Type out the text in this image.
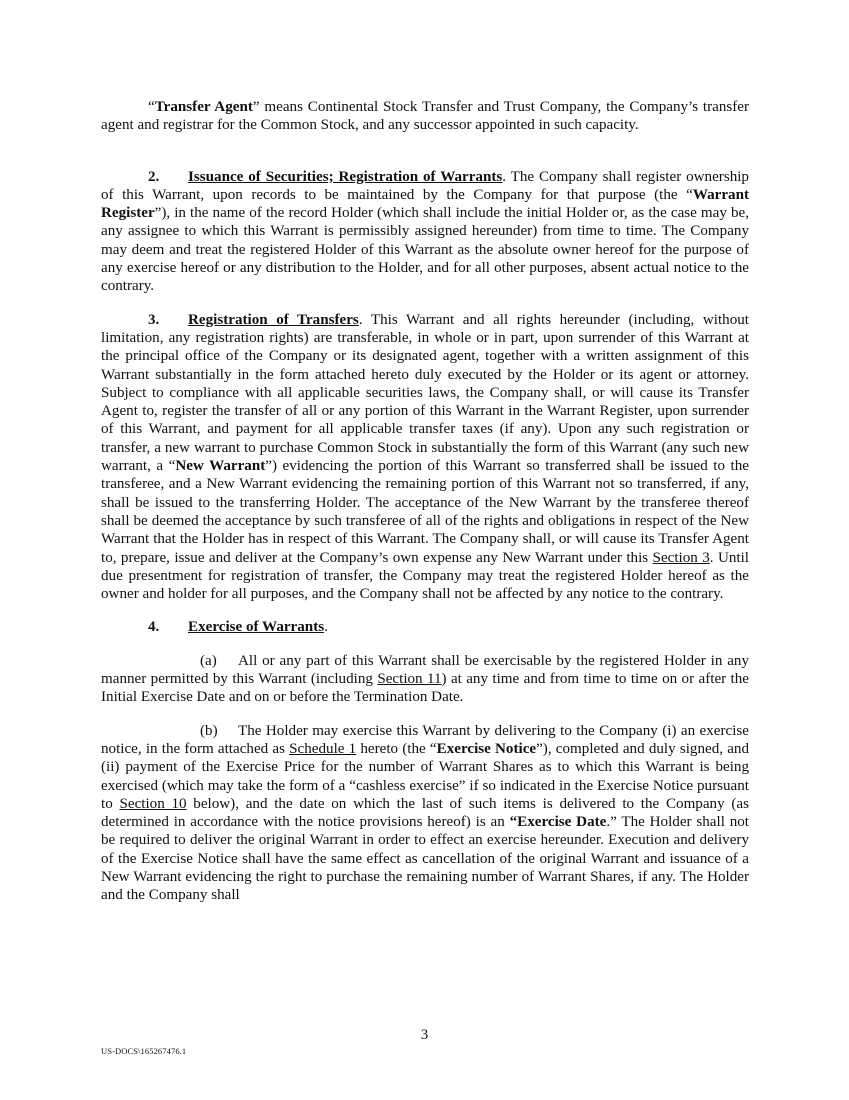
“Transfer Agent” means Continental Stock Transfer and Trust Company, the Company’s transfer agent and registrar for the Common Stock, and any successor appointed in such capacity.

2. Issuance of Securities; Registration of Warrants. The Company shall register ownership of this Warrant, upon records to be maintained by the Company for that purpose (the “Warrant Register”), in the name of the record Holder (which shall include the initial Holder or, as the case may be, any assignee to which this Warrant is permissibly assigned hereunder) from time to time. The Company may deem and treat the registered Holder of this Warrant as the absolute owner hereof for the purpose of any exercise hereof or any distribution to the Holder, and for all other purposes, absent actual notice to the contrary.

3. Registration of Transfers. This Warrant and all rights hereunder (including, without limitation, any registration rights) are transferable, in whole or in part, upon surrender of this Warrant at the principal office of the Company or its designated agent, together with a written assignment of this Warrant substantially in the form attached hereto duly executed by the Holder or its agent or attorney. Subject to compliance with all applicable securities laws, the Company shall, or will cause its Transfer Agent to, register the transfer of all or any portion of this Warrant in the Warrant Register, upon surrender of this Warrant, and payment for all applicable transfer taxes (if any). Upon any such registration or transfer, a new warrant to purchase Common Stock in substantially the form of this Warrant (any such new warrant, a “New Warrant”) evidencing the portion of this Warrant so transferred shall be issued to the transferee, and a New Warrant evidencing the remaining portion of this Warrant not so transferred, if any, shall be issued to the transferring Holder. The acceptance of the New Warrant by the transferee thereof shall be deemed the acceptance by such transferee of all of the rights and obligations in respect of the New Warrant that the Holder has in respect of this Warrant. The Company shall, or will cause its Transfer Agent to, prepare, issue and deliver at the Company’s own expense any New Warrant under this Section 3. Until due presentment for registration of transfer, the Company may treat the registered Holder hereof as the owner and holder for all purposes, and the Company shall not be affected by any notice to the contrary.

4. Exercise of Warrants.

(a) All or any part of this Warrant shall be exercisable by the registered Holder in any manner permitted by this Warrant (including Section 11) at any time and from time to time on or after the Initial Exercise Date and on or before the Termination Date.

(b) The Holder may exercise this Warrant by delivering to the Company (i) an exercise notice, in the form attached as Schedule 1 hereto (the “Exercise Notice”), completed and duly signed, and (ii) payment of the Exercise Price for the number of Warrant Shares as to which this Warrant is being exercised (which may take the form of a “cashless exercise” if so indicated in the Exercise Notice pursuant to Section 10 below), and the date on which the last of such items is delivered to the Company (as determined in accordance with the notice provisions hereof) is an “Exercise Date.” The Holder shall not be required to deliver the original Warrant in order to effect an exercise hereunder. Execution and delivery of the Exercise Notice shall have the same effect as cancellation of the original Warrant and issuance of a New Warrant evidencing the right to purchase the remaining number of Warrant Shares, if any. The Holder and the Company shall

3
US-DOCS\165267476.1
